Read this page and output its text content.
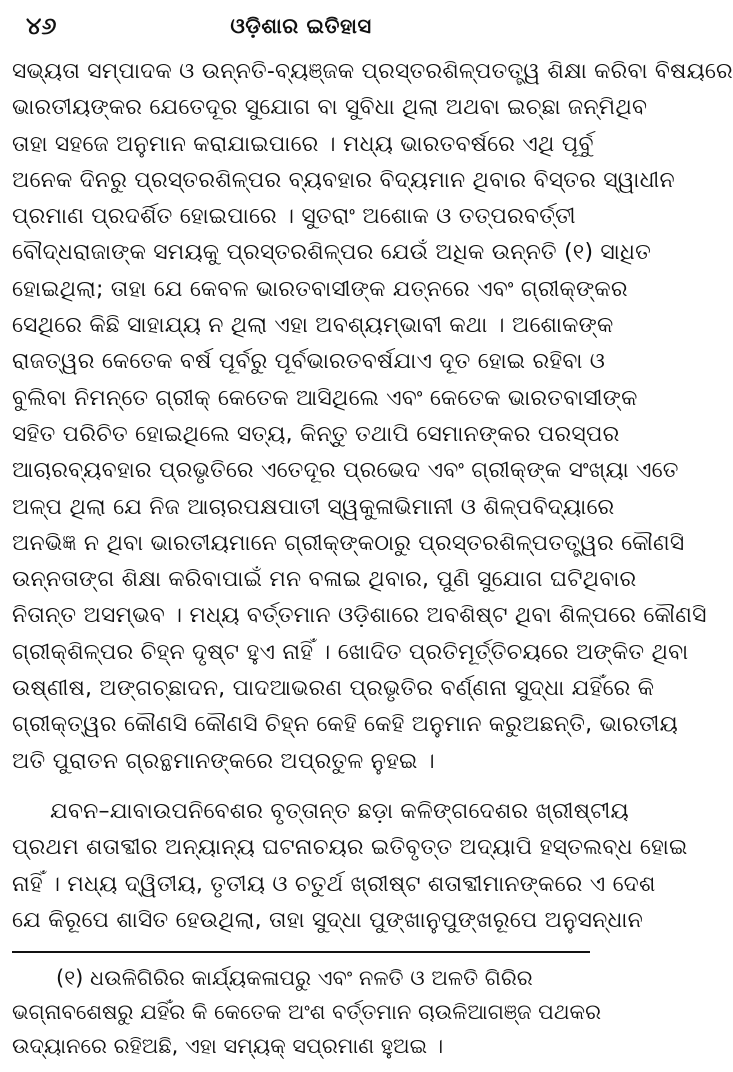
୪୬	ଓଡ଼ିଶାର ଇତିହାସ

ସଭ୍ୟତା ସମ୍ପାଦକ ଓ ଉନ୍ନତି-ବ୍ୟଞ୍ଜକ ପ୍ରସ୍ତରଶିଳ୍ପତତ୍ତ୍ୱ ଶିକ୍ଷା କରିବା ବିଷୟରେ
ଭାରତୀୟଙ୍କର ଯେତେଦୂର ସୁଯୋଗ ବା ସୁବିଧା ଥିଲା ଅଥବା ଇଚ୍ଛା ଜନ୍ମିଥିବ
ତାହା ସହଜେ ଅନୁମାନ କରାଯାଇପାରେ । ମଧ୍ୟ ଭାରତବର୍ଷରେ ଏଥି ପୂର୍ବୁ
ଅନେକ ଦିନରୁ ପ୍ରସ୍ତରଶିଳ୍ପର ବ୍ୟବହାର ବିଦ୍ୟମାନ ଥିବାର ବିସ୍ତର ସ୍ୱାଧୀନ
ପ୍ରମାଣ ପ୍ରଦର୍ଶିତ ହୋଇପାରେ । ସୁତରାଂ ଅଶୋକ ଓ ତତ୍ପରବର୍ତ୍ତୀ
ବୌଦ୍ଧରାଜାଙ୍କ ସମୟକୁ ପ୍ରସ୍ତରଶିଳ୍ପର ଯେଉଁ ଅଧିକ ଉନ୍ନତି (୧) ସାଧିତ
ହୋଇଥିଲା; ତାହା ଯେ କେବଳ ଭାରତବାସୀଙ୍କ ଯତ୍ନରେ ଏବଂ ଗ୍ରୀକ୍‌ଙ୍କର
ସେଥିରେ କିଛି ସାହାଯ୍ୟ ନ ଥିଲା ଏହା ଅବଶ୍ୟମ୍ଭାବୀ କଥା । ଅଶୋକଙ୍କ
ରାଜତ୍ୱର କେତେକ ବର୍ଷ ପୂର୍ବରୁ ପୂର୍ବଭାରତବର୍ଷଯାଏ ଦୂତ ହୋଇ ରହିବା ଓ
ବୁଲିବା ନିମନ୍ତେ ଗ୍ରୀକ୍ କେତେକ ଆସିଥିଲେ ଏବଂ କେତେକ ଭାରତବାସୀଙ୍କ
ସହିତ ପରିଚିତ ହୋଇଥିଲେ ସତ୍ୟ, କିନ୍ତୁ ତଥାପି ସେମାନଙ୍କର ପରସ୍ପର
ଆଚାରବ୍ୟବହାର ପ୍ରଭୃତିରେ ଏତେଦୂର ପ୍ରଭେଦ ଏବଂ ଗ୍ରୀକ୍‌ଙ୍କ ସଂଖ୍ୟା ଏତେ
ଅଳ୍ପ ଥିଲା ଯେ ନିଜ ଆଚାରପକ୍ଷପାତୀ ସ୍ୱକୁଳାଭିମାନୀ ଓ ଶିଳ୍ପବିଦ୍ୟାରେ
ଅନଭିଜ୍ଞ ନ ଥିବା ଭାରତୀୟମାନେ ଗ୍ରୀକ୍‌ଙ୍କଠାରୁ ପ୍ରସ୍ତରଶିଳ୍ପତତ୍ତ୍ୱର କୌଣସି
ଉନ୍ନତାଙ୍ଗ ଶିକ୍ଷା କରିବାପାଇଁ ମନ ବଳାଇ ଥିବାର, ପୁଣି ସୁଯୋଗ ଘଟିଥିବାର
ନିତାନ୍ତ ଅସମ୍ଭବ । ମଧ୍ୟ ବର୍ତ୍ତମାନ ଓଡ଼ିଶାରେ ଅବଶିଷ୍ଟ ଥିବା ଶିଳ୍ପରେ କୌଣସି
ଗ୍ରୀକ୍‌ଶିଳ୍ପର ଚିହ୍ନ ଦୃଷ୍ଟ ହୁଏ ନାହିଁ । ଖୋଦିତ ପ୍ରତିମୂର୍ତ୍ତିଚୟରେ ଅଙ୍କିତ ଥିବା
ଉଷ୍ଣୀଷ, ଅଙ୍ଗଚ୍ଛାଦନ, ପାଦଆଭରଣ ପ୍ରଭୃତିର ବର୍ଣ୍ଣନା ସୁଦ୍ଧା ଯହିଁରେ କି
ଗ୍ରୀକ୍‌ତ୍ୱର କୌଣସି କୌଣସି ଚିହ୍ନ କେହି କେହି ଅନୁମାନ କରୁଅଛନ୍ତି, ଭାରତୀୟ
ଅତି ପୁରାତନ ଗ୍ରନ୍ଥମାନଙ୍କରେ ଅପ୍ରତୁଳ ନୁହଇ ।

ଯବନ–ଯାବାଉପନିବେଶର ବୃତ୍ତାନ୍ତ ଛଡ଼ା କଳିଙ୍ଗଦେଶର ଖ୍ରୀଷ୍ଟୀୟ
ପ୍ରଥମ ଶତାବ୍ଦୀର ଅନ୍ୟାନ୍ୟ ଘଟନାଚୟର ଇତିବୃତ୍ତ ଅଦ୍ୟାପି ହସ୍ତଲବ୍ଧ ହୋଇ
ନାହିଁ । ମଧ୍ୟ ଦ୍ୱିତୀୟ, ତୃତୀୟ ଓ ଚତୁର୍ଥ ଖ୍ରୀଷ୍ଟ ଶତାବ୍ଦୀମାନଙ୍କରେ ଏ ଦେଶ
ଯେ କିରୂପେ ଶାସିତ ହେଉଥିଲା, ତାହା ସୁଦ୍ଧା ପୁଙ୍ଖାନୁପୁଙ୍ଖରୂପେ ଅନୁସନ୍ଧାନ

(୧) ଧଉଳିଗିରିର କାର୍ଯ୍ୟକଳାପରୁ ଏବଂ ନଳତି ଓ ଅଳତି ଗିରିର
ଭଗ୍ନାବଶେଷରୁ ଯହିଁର କି କେତେକ ଅଂଶ ବର୍ତ୍ତମାନ ଚାଉଳିଆଗଞ୍ଜ ପଥକର
ଉଦ୍ୟାନରେ ରହିଅଛି, ଏହା ସମ୍ୟକ୍ ସପ୍ରମାଣ ହୁଅଇ ।
